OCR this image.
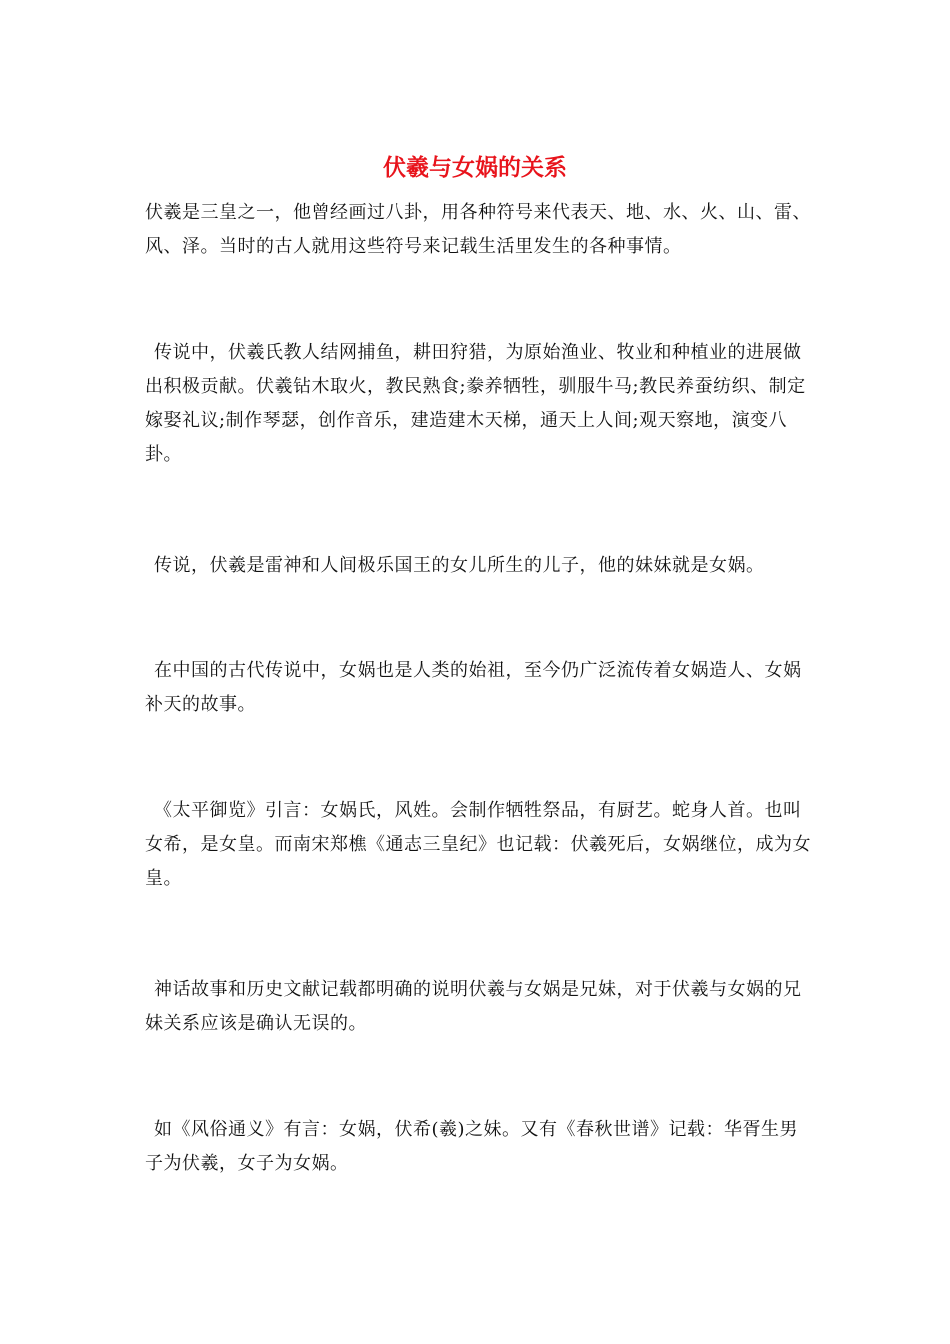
伏羲与女娲的关系

伏羲是三皇之一，他曾经画过八卦，用各种符号来代表天、地、水、火、山、雷、风、泽。当时的古人就用这些符号来记载生活里发生的各种事情。

传说中，伏羲氏教人结网捕鱼，耕田狩猎，为原始渔业、牧业和种植业的进展做出积极贡献。伏羲钻木取火，教民熟食;豢养牺牲，驯服牛马;教民养蚕纺织、制定嫁娶礼议;制作琴瑟，创作音乐，建造建木天梯，通天上人间;观天察地，演变八卦。

传说，伏羲是雷神和人间极乐国王的女儿所生的儿子，他的妹妹就是女娲。

在中国的古代传说中，女娲也是人类的始祖，至今仍广泛流传着女娲造人、女娲补天的故事。

《太平御览》引言：女娲氏，风姓。会制作牺牲祭品，有厨艺。蛇身人首。也叫女希，是女皇。而南宋郑樵《通志三皇纪》也记载：伏羲死后，女娲继位，成为女皇。

神话故事和历史文献记载都明确的说明伏羲与女娲是兄妹，对于伏羲与女娲的兄妹关系应该是确认无误的。

如《风俗通义》有言：女娲，伏希(羲)之妹。又有《春秋世谱》记载：华胥生男子为伏羲，女子为女娲。
